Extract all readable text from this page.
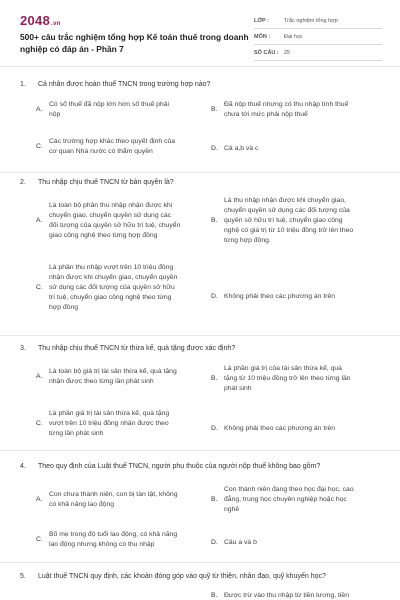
2048.vn
500+ câu trắc nghiệm tổng hợp Kế toán thuế trong doanh nghiệp có đáp án - Phần 7
LỚP :	Trắc nghiệm tổng hợp
MÔN :	Đại học
SỐ CÂU : 25
1. Cá nhân được hoàn thuế TNCN trong trường hợp nào?
A.
Có số thuế đã nộp lớn hơn số thuế phải
nộp
B.
Đã nộp thuế nhưng có thu nhập tính thuế
chưa tới mức phải nộp thuế
C.
Các trường hợp khác theo quyết định của
cơ quan Nhà nước có thẩm quyền	D. Cả a,b và c
2. Thu nhập chịu thuế TNCN từ bản quyền là?
A.
Là toàn bộ phần thu nhập nhận được khi
chuyển giao, chuyển quyền sử dụng các
đối tượng của quyền sở hữu trí tuệ, chuyển
giao công nghệ theo từng hợp đồng
B.
Là thu nhập nhận được khi chuyển giao,
chuyển quyền sử dụng các đối tượng của
quyền sở hữu trí tuệ, chuyển giao công
nghệ có giá trị từ 10 triệu đồng trở lên theo
từng hợp đồng.
C.
Là phần thu nhập vượt trên 10 triệu đồng
nhận được khi chuyển giao, chuyển quyền
sử dụng các đối tượng của quyền sở hữu
trí tuệ, chuyển giao công nghệ theo từng
hợp đồng
D. Không phải theo các phương án trên
3. Thu nhập chịu thuế TNCN từ thừa kế, quà tặng được xác định?
A.
Là toàn bộ giá trị tài sản thừa kế, quà tặng
nhận được theo từng lần phát sinh	B.
Là phần giá trị của tài sản thừa kế, quà
tặng từ 10 triệu đồng trở lên theo từng lần
phát sinh
C.
Là phần giá trị tài sản thừa kế, quà tặng
vượt trên 10 triệu đồng nhận được theo
từng lần phát sinh
D. Không phải theo các phương án trên
4. Theo quy định của Luật thuế TNCN, người phụ thuộc của người nộp thuế không bao gồm?
A.
Con chưa thành niên, con bị tàn tật, không
có khả năng lao động
B.
Con thành niên đang theo học đại học, cao
đẳng, trung học chuyên nghiệp hoặc học
nghề
C.
Bố mẹ trong độ tuổi lao động, có khả năng
lao động nhưng không có thu nhập	D. Câu a và b
5. Luật thuế TNCN quy định, các khoản đóng góp vào quỹ từ thiện, nhân đạo, quỹ khuyến học?
B. Được trừ vào thu nhập từ tiền lương, tiền
